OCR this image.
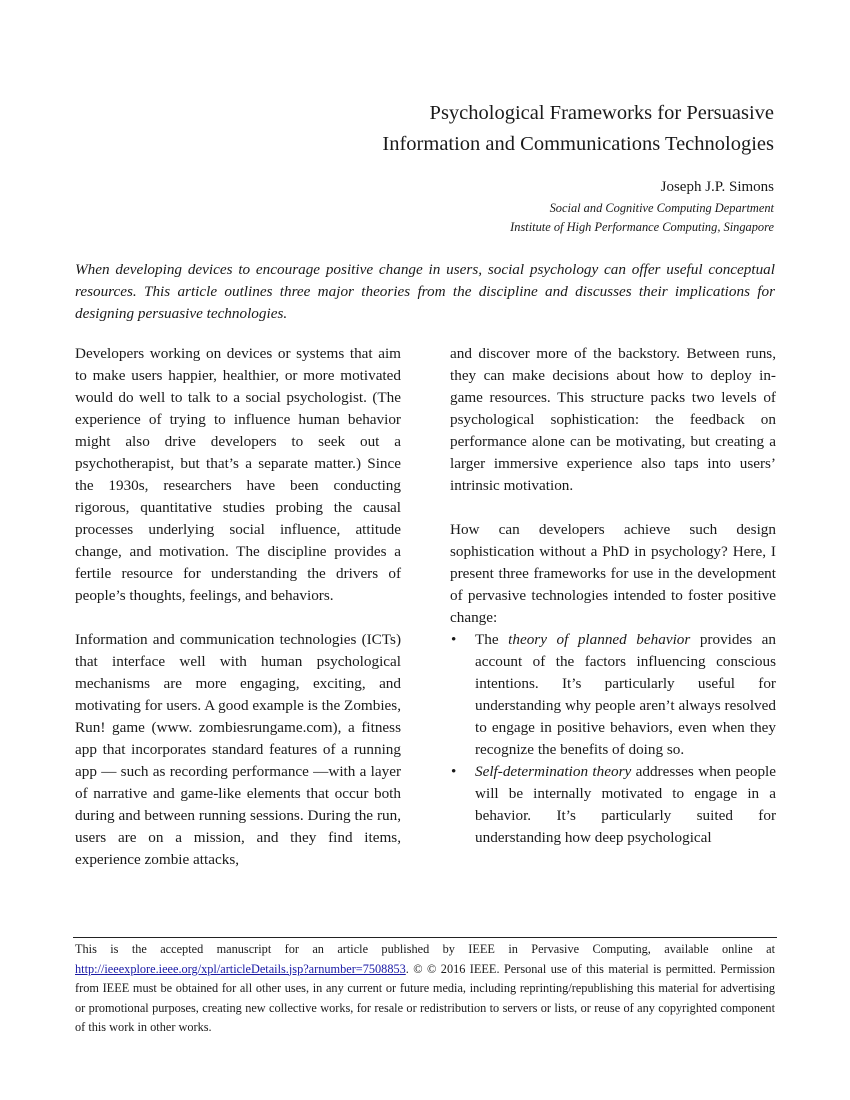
Psychological Frameworks for Persuasive
Information and Communications Technologies
Joseph J.P. Simons
Social and Cognitive Computing Department
Institute of High Performance Computing, Singapore
When developing devices to encourage positive change in users, social psychology can offer useful conceptual resources. This article outlines three major theories from the discipline and discusses their implications for designing persuasive technologies.

Developers working on devices or systems that aim to make users happier, healthier, or more motivated would do well to talk to a social psychologist. (The experience of trying to influence human behavior might also drive developers to seek out a psychotherapist, but that’s a separate matter.) Since the 1930s, researchers have been conducting rigorous, quantitative studies probing the causal processes underlying social influence, attitude change, and motivation. The discipline provides a fertile resource for understanding the drivers of people’s thoughts, feelings, and behaviors.

Information and communication technologies (ICTs) that interface well with human psychological mechanisms are more engaging, exciting, and motivating for users. A good example is the Zombies, Run! game (www. zombiesrungame.com), a fitness app that incorporates standard features of a running app — such as recording performance —with a layer of narrative and game-like elements that occur both during and between running sessions. During the run, users are on a mission, and they find items, experience zombie attacks,

and discover more of the backstory. Between runs, they can make decisions about how to deploy in-game resources. This structure packs two levels of psychological sophistication: the feedback on performance alone can be motivating, but creating a larger immersive experience also taps into users’ intrinsic motivation.

How can developers achieve such design sophistication without a PhD in psychology? Here, I present three frameworks for use in the development of pervasive technologies intended to foster positive change:

• The theory of planned behavior provides an account of the factors influencing conscious intentions. It’s particularly useful for understanding why people aren’t always resolved to engage in positive behaviors, even when they recognize the benefits of doing so.
• Self-determination theory addresses when people will be internally motivated to engage in a behavior. It’s particularly suited for understanding how deep psychological
This is the accepted manuscript for an article published by IEEE in Pervasive Computing, available online at http://ieeexplore.ieee.org/xpl/articleDetails.jsp?arnumber=7508853. © © 2016 IEEE. Personal use of this material is permitted. Permission from IEEE must be obtained for all other uses, in any current or future media, including reprinting/republishing this material for advertising or promotional purposes, creating new collective works, for resale or redistribution to servers or lists, or reuse of any copyrighted component of this work in other works.
